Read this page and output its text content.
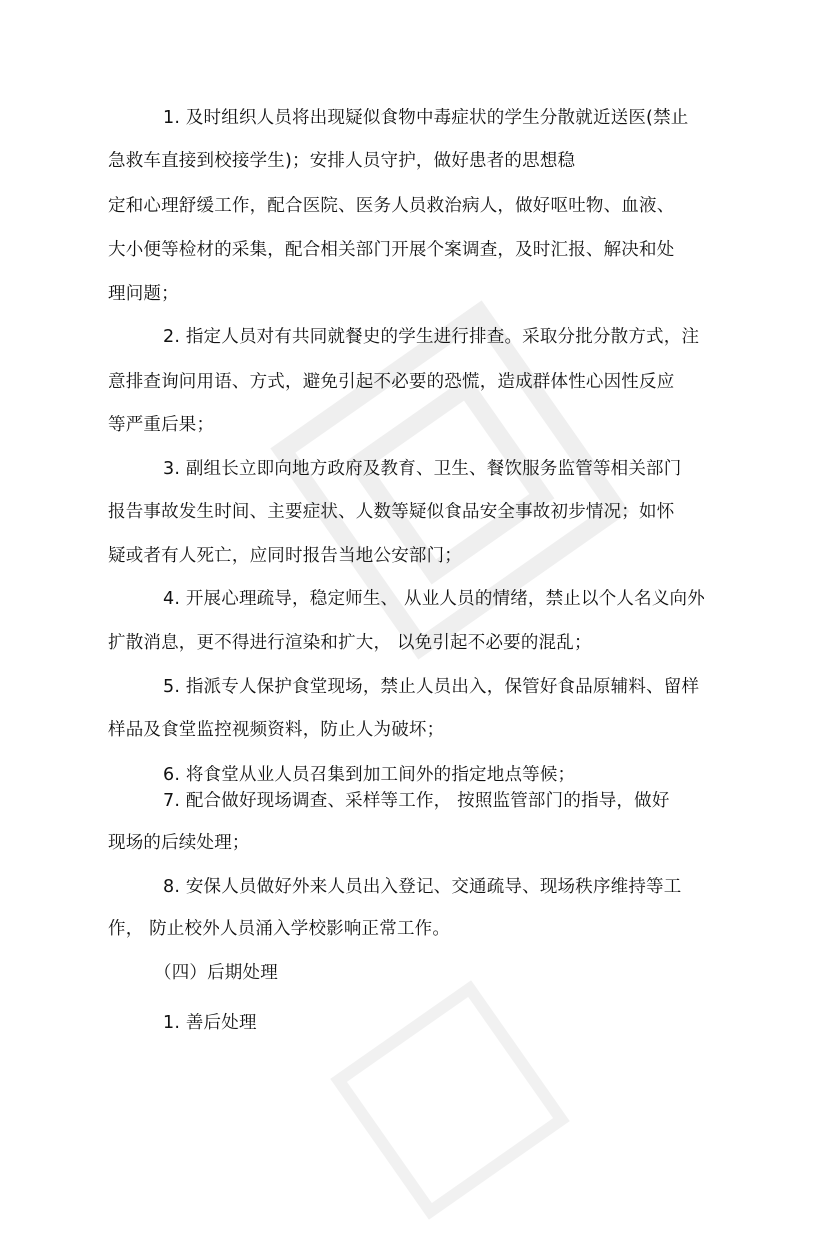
1. 及时组织人员将出现疑似食物中毒症状的学生分散就近送医(禁止
急救车直接到校接学生)；安排人员守护，做好患者的思想稳
定和心理舒缓工作，配合医院、医务人员救治病人，做好呕吐物、血液、
大小便等检材的采集，配合相关部门开展个案调查，及时汇报、解决和处
理问题；
2. 指定人员对有共同就餐史的学生进行排查。采取分批分散方式，注
意排查询问用语、方式，避免引起不必要的恐慌，造成群体性心因性反应
等严重后果；
3. 副组长立即向地方政府及教育、卫生、餐饮服务监管等相关部门
报告事故发生时间、主要症状、人数等疑似食品安全事故初步情况；如怀
疑或者有人死亡，应同时报告当地公安部门；
4. 开展心理疏导，稳定师生、 从业人员的情绪，禁止以个人名义向外
扩散消息，更不得进行渲染和扩大， 以免引起不必要的混乱；
5. 指派专人保护食堂现场，禁止人员出入，保管好食品原辅料、留样
样品及食堂监控视频资料，防止人为破坏；
6. 将食堂从业人员召集到加工间外的指定地点等候；
7. 配合做好现场调查、采样等工作， 按照监管部门的指导，做好
现场的后续处理；
8. 安保人员做好外来人员出入登记、交通疏导、现场秩序维持等工
作， 防止校外人员涌入学校影响正常工作。
（四）后期处理
1. 善后处理
